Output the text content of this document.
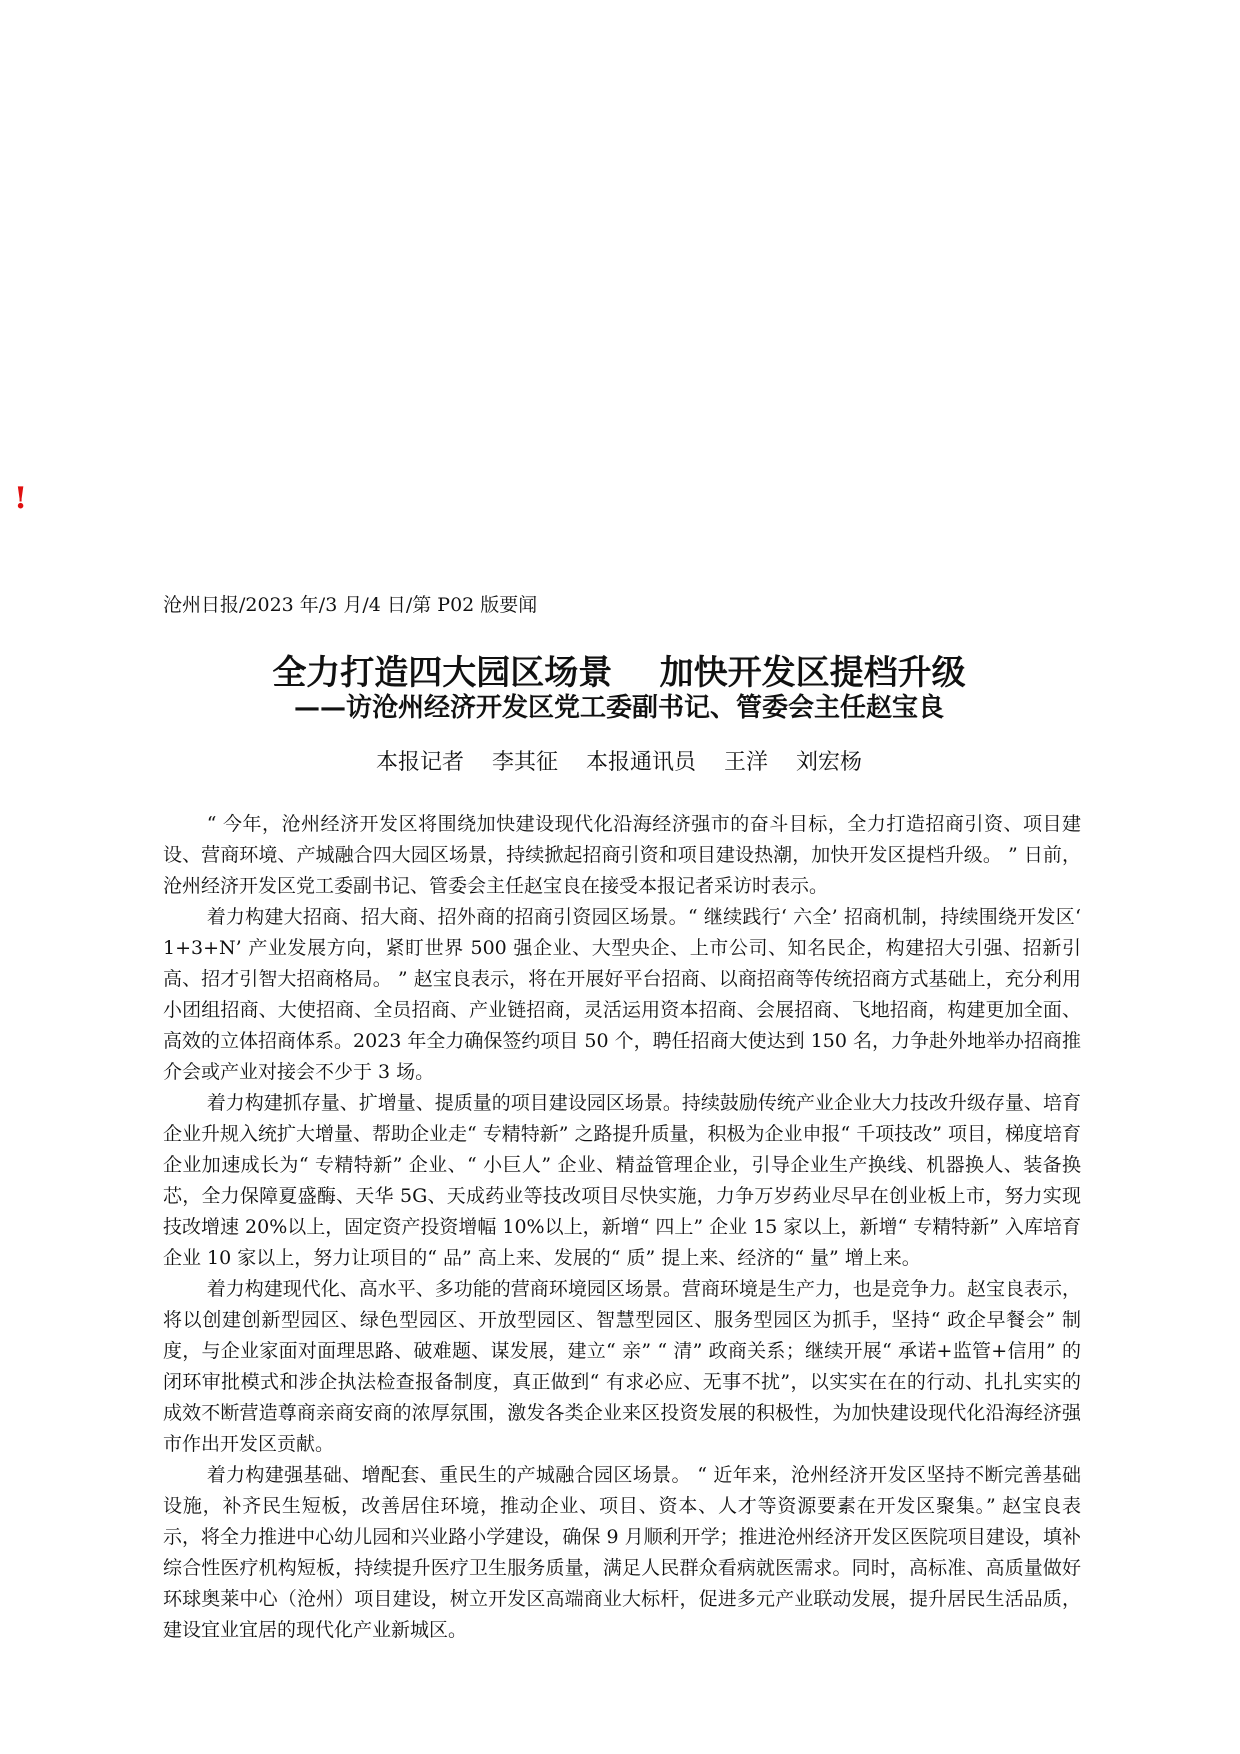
!
沧州日报/2023 年/3 月/4 日/第 P02 版要闻
全力打造四大园区场景    加快开发区提档升级
——访沧州经济开发区党工委副书记、管委会主任赵宝良
本报记者    李其征    本报通讯员    王洋    刘宏杨

“ 今年，沧州经济开发区将围绕加快建设现代化沿海经济强市的奋斗目标，全力打造招商引资、项目建设、营商环境、产城融合四大园区场景，持续掀起招商引资和项目建设热潮，加快开发区提档升级。 ” 日前，沧州经济开发区党工委副书记、管委会主任赵宝良在接受本报记者采访时表示。

着力构建大招商、招大商、招外商的招商引资园区场景。“ 继续践行‘ 六全’ 招商机制，持续围绕开发区‘ 1+3+N’ 产业发展方向，紧盯世界 500 强企业、大型央企、上市公司、知名民企，构建招大引强、招新引高、招才引智大招商格局。 ” 赵宝良表示，将在开展好平台招商、以商招商等传统招商方式基础上，充分利用小团组招商、大使招商、全员招商、产业链招商，灵活运用资本招商、会展招商、飞地招商，构建更加全面、高效的立体招商体系。2023 年全力确保签约项目 50 个，聘任招商大使达到 150 名，力争赴外地举办招商推介会或产业对接会不少于 3 场。

着力构建抓存量、扩增量、提质量的项目建设园区场景。持续鼓励传统产业企业大力技改升级存量、培育企业升规入统扩大增量、帮助企业走“ 专精特新” 之路提升质量，积极为企业申报“ 千项技改” 项目，梯度培育企业加速成长为“ 专精特新” 企业、“ 小巨人” 企业、精益管理企业，引导企业生产换线、机器换人、装备换芯，全力保障夏盛酶、天华 5G、天成药业等技改项目尽快实施，力争万岁药业尽早在创业板上市，努力实现技改增速 20%以上，固定资产投资增幅 10%以上，新增“ 四上” 企业 15 家以上，新增“ 专精特新” 入库培育企业 10 家以上，努力让项目的“ 品” 高上来、发展的“ 质” 提上来、经济的“ 量” 增上来。

着力构建现代化、高水平、多功能的营商环境园区场景。营商环境是生产力，也是竞争力。赵宝良表示，将以创建创新型园区、绿色型园区、开放型园区、智慧型园区、服务型园区为抓手，坚持“ 政企早餐会” 制度，与企业家面对面理思路、破难题、谋发展，建立“ 亲” “ 清” 政商关系；继续开展“ 承诺+监管+信用” 的闭环审批模式和涉企执法检查报备制度，真正做到“ 有求必应、无事不扰”，以实实在在的行动、扎扎实实的成效不断营造尊商亲商安商的浓厚氛围，激发各类企业来区投资发展的积极性，为加快建设现代化沿海经济强市作出开发区贡献。

着力构建强基础、增配套、重民生的产城融合园区场景。 “ 近年来，沧州经济开发区坚持不断完善基础设施，补齐民生短板，改善居住环境，推动企业、项目、资本、人才等资源要素在开发区聚集。” 赵宝良表示，将全力推进中心幼儿园和兴业路小学建设，确保 9 月顺利开学；推进沧州经济开发区医院项目建设，填补综合性医疗机构短板，持续提升医疗卫生服务质量，满足人民群众看病就医需求。同时，高标准、高质量做好环球奥莱中心（沧州）项目建设，树立开发区高端商业大标杆，促进多元产业联动发展，提升居民生活品质，建设宜业宜居的现代化产业新城区。
